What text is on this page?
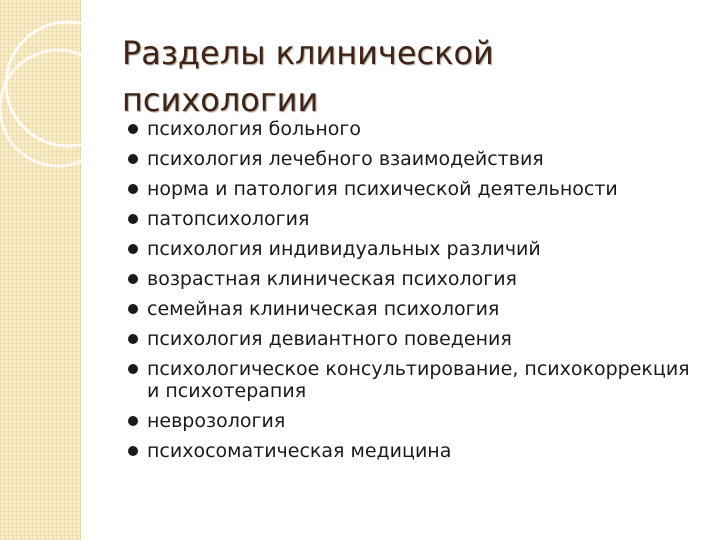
Разделы клинической психологии
психология больного
психология лечебного взаимодействия
норма и патология психической деятельности
патопсихология
психология индивидуальных различий
возрастная клиническая психология
семейная клиническая психология
психология девиантного поведения
психологическое консультирование, психокоррекция и психотерапия
неврозология
психосоматическая медицина
